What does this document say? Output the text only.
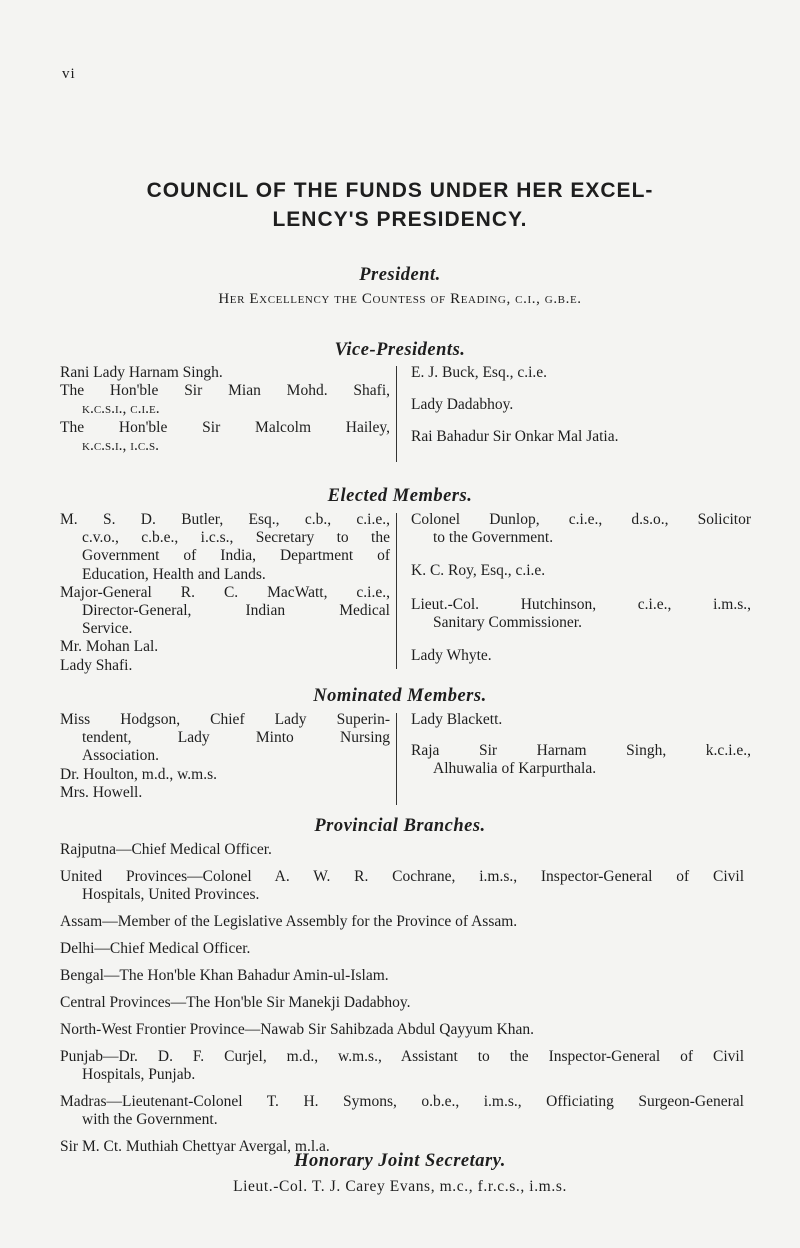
vi
COUNCIL OF THE FUNDS UNDER HER EXCEL-
LENCY'S PRESIDENCY.
President.
Her Excellency the Countess of Reading, c.i., g.b.e.
Vice-Presidents.

Rani Lady Harnam Singh.

The Hon'ble Sir Mian Mohd. Shafi,

k.c.s.i., c.i.e.

The Hon'ble Sir Malcolm Hailey,

k.c.s.i., i.c.s.

E. J. Buck, Esq., c.i.e.

Lady Dadabhoy.

Rai Bahadur Sir Onkar Mal Jatia.

Elected Members.

M. S. D. Butler, Esq., c.b., c.i.e.,

c.v.o., c.b.e., i.c.s., Secretary to the

Government of India, Department of

Education, Health and Lands.

Major-General R. C. MacWatt, c.i.e.,

Director-General, Indian Medical

Service.

Mr. Mohan Lal.

Lady Shafi.

Colonel Dunlop, c.i.e., d.s.o., Solicitor

to the Government.

K. C. Roy, Esq., c.i.e.

Lieut.-Col. Hutchinson, c.i.e., i.m.s.,

Sanitary Commissioner.

Lady Whyte.

Nominated Members.

Miss Hodgson, Chief Lady Superin-

tendent, Lady Minto Nursing

Association.

Dr. Houlton, m.d., w.m.s.

Mrs. Howell.

Lady Blackett.

Raja Sir Harnam Singh, k.c.i.e.,

Alhuwalia of Karpurthala.

Provincial Branches.

Rajputna—Chief Medical Officer.

United Provinces—Colonel A. W. R. Cochrane, i.m.s., Inspector-General of Civil

Hospitals, United Provinces.

Assam—Member of the Legislative Assembly for the Province of Assam.

Delhi—Chief Medical Officer.

Bengal—The Hon'ble Khan Bahadur Amin-ul-Islam.

Central Provinces—The Hon'ble Sir Manekji Dadabhoy.

North-West Frontier Province—Nawab Sir Sahibzada Abdul Qayyum Khan.

Punjab—Dr. D. F. Curjel, m.d., w.m.s., Assistant to the Inspector-General of Civil

Hospitals, Punjab.

Madras—Lieutenant-Colonel T. H. Symons, o.b.e., i.m.s., Officiating Surgeon-General

with the Government.

Sir M. Ct. Muthiah Chettyar Avergal, m.l.a.

Honorary Joint Secretary.
Lieut.-Col. T. J. Carey Evans, m.c., f.r.c.s., i.m.s.
